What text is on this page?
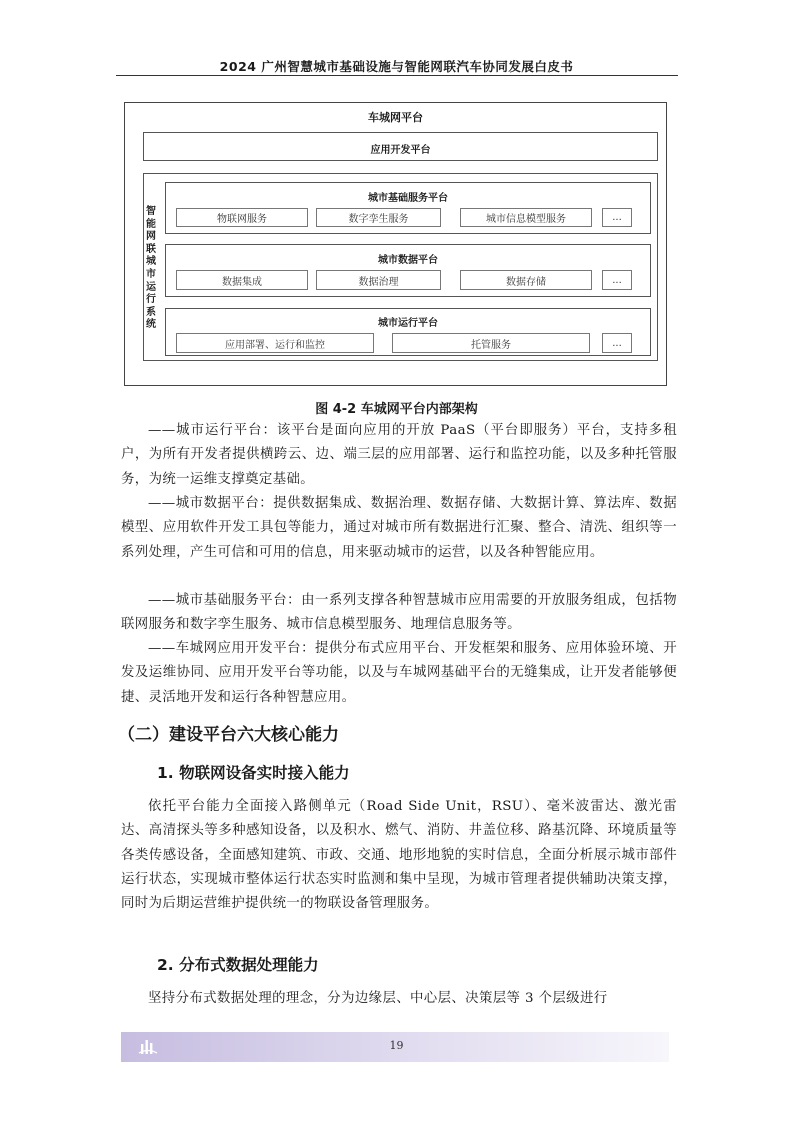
2024 广州智慧城市基础设施与智能网联汽车协同发展白皮书
车城网平台
应用开发平台
智能网联城市运行系统
城市基础服务平台
物联网服务	数字孪生服务	城市信息模型服务	...
城市数据平台
数据集成	数据治理	数据存储	...
城市运行平台
应用部署、运行和监控	托管服务	...
图 4-2 车城网平台内部架构

——城市运行平台：该平台是面向应用的开放 PaaS（平台即服务）平台，支持多租户，为所有开发者提供横跨云、边、端三层的应用部署、运行和监控功能，以及多种托管服务，为统一运维支撑奠定基础。

——城市数据平台：提供数据集成、数据治理、数据存储、大数据计算、算法库、数据模型、应用软件开发工具包等能力，通过对城市所有数据进行汇聚、整合、清洗、组织等一系列处理，产生可信和可用的信息，用来驱动城市的运营，以及各种智能应用。

——城市基础服务平台：由一系列支撑各种智慧城市应用需要的开放服务组成，包括物联网服务和数字孪生服务、城市信息模型服务、地理信息服务等。

——车城网应用开发平台：提供分布式应用平台、开发框架和服务、应用体验环境、开发及运维协同、应用开发平台等功能，以及与车城网基础平台的无缝集成，让开发者能够便捷、灵活地开发和运行各种智慧应用。

（二）建设平台六大核心能力
1. 物联网设备实时接入能力

依托平台能力全面接入路侧单元（Road Side Unit，RSU）、毫米波雷达、激光雷达、高清探头等多种感知设备，以及积水、燃气、消防、井盖位移、路基沉降、环境质量等各类传感设备，全面感知建筑、市政、交通、地形地貌的实时信息，全面分析展示城市部件运行状态，实现城市整体运行状态实时监测和集中呈现，为城市管理者提供辅助决策支撑，同时为后期运营维护提供统一的物联设备管理服务。

2. 分布式数据处理能力

坚持分布式数据处理的理念，分为边缘层、中心层、决策层等 3 个层级进行

19
